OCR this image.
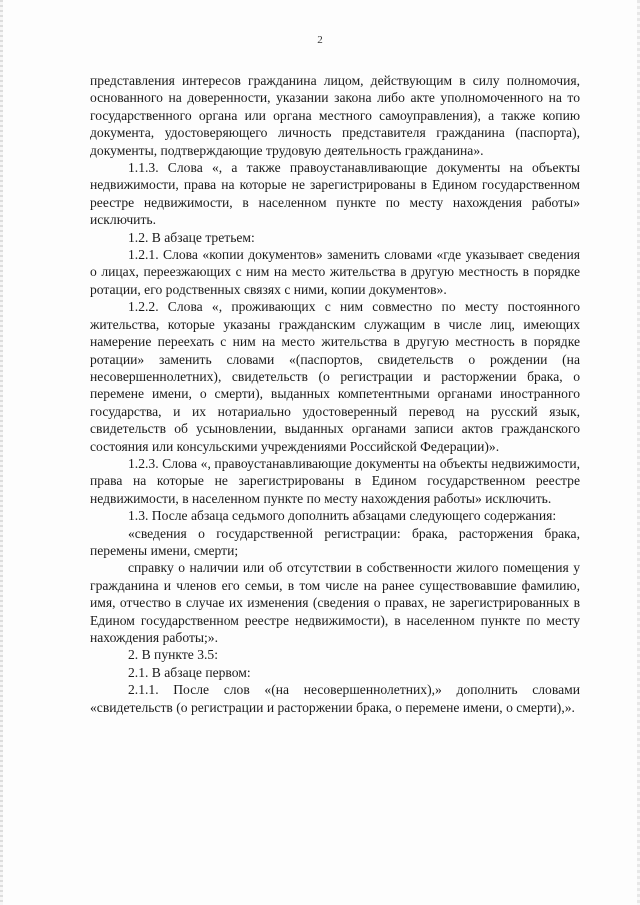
2

представления интересов гражданина лицом, действующим в силу полномочия, основанного на доверенности, указании закона либо акте уполномоченного на то государственного органа или органа местного самоуправления), а также копию документа, удостоверяющего личность представителя гражданина (паспорта), документы, подтверждающие трудовую деятельность гражданина».

1.1.3. Слова «, а также правоустанавливающие документы на объекты недвижимости, права на которые не зарегистрированы в Едином государственном реестре недвижимости, в населенном пункте по месту нахождения работы» исключить.

1.2. В абзаце третьем:

1.2.1. Слова «копии документов» заменить словами «где указывает сведения о лицах, переезжающих с ним на место жительства в другую местность в порядке ротации, его родственных связях с ними, копии документов».

1.2.2. Слова «, проживающих с ним совместно по месту постоянного жительства, которые указаны гражданским служащим в числе лиц, имеющих намерение переехать с ним на место жительства в другую местность в порядке ротации» заменить словами «(паспортов, свидетельств о рождении (на несовершеннолетних), свидетельств (о регистрации и расторжении брака, о перемене имени, о смерти), выданных компетентными органами иностранного государства, и их нотариально удостоверенный перевод на русский язык, свидетельств об усыновлении, выданных органами записи актов гражданского состояния или консульскими учреждениями Российской Федерации)».

1.2.3. Слова «, правоустанавливающие документы на объекты недвижимости, права на которые не зарегистрированы в Едином государственном реестре недвижимости, в населенном пункте по месту нахождения работы» исключить.

1.3. После абзаца седьмого дополнить абзацами следующего содержания:

«сведения о государственной регистрации: брака, расторжения брака, перемены имени, смерти;

справку о наличии или об отсутствии в собственности жилого помещения у гражданина и членов его семьи, в том числе на ранее существовавшие фамилию, имя, отчество в случае их изменения (сведения о правах, не зарегистрированных в Едином государственном реестре недвижимости), в населенном пункте по месту нахождения работы;».

2. В пункте 3.5:

2.1. В абзаце первом:

2.1.1. После слов «(на несовершеннолетних),» дополнить словами «свидетельств (о регистрации и расторжении брака, о перемене имени, о смерти),».
